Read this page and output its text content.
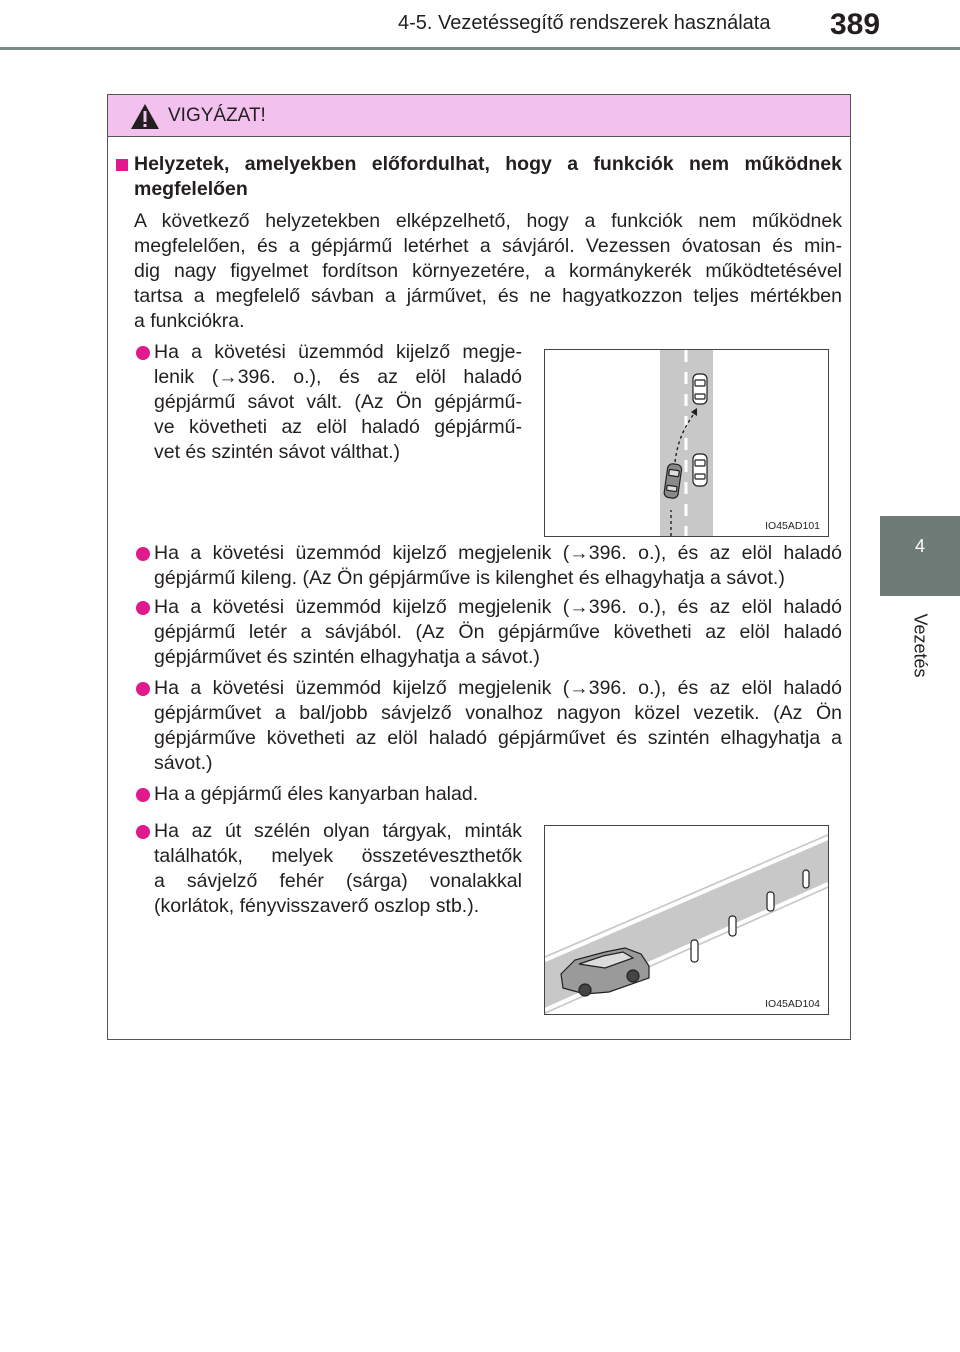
4-5. Vezetéssegítő rendszerek használata 389
4
Vezetés
VIGYÁZAT!
Helyzetek, amelyekben előfordulhat, hogy a funkciók nem működnek
megfelelően
A következő helyzetekben elképzelhető, hogy a funkciók nem működnek
megfelelően, és a gépjármű letérhet a sávjáról. Vezessen óvatosan és min-
dig nagy figyelmet fordítson környezetére, a kormánykerék működtetésével
tartsa a megfelelő sávban a járművet, és ne hagyatkozzon teljes mértékben
a funkciókra.
Ha a követési üzemmód kijelző megje-
lenik (→396. o.), és az elöl haladó
gépjármű sávot vált. (Az Ön gépjármű-
ve követheti az elöl haladó gépjármű-
vet és szintén sávot válthat.)
IO45AD101
Ha a követési üzemmód kijelző megjelenik (→396. o.), és az elöl haladó
gépjármű kileng. (Az Ön gépjárműve is kilenghet és elhagyhatja a sávot.)
Ha a követési üzemmód kijelző megjelenik (→396. o.), és az elöl haladó
gépjármű letér a sávjából. (Az Ön gépjárműve követheti az elöl haladó
gépjárművet és szintén elhagyhatja a sávot.)
Ha a követési üzemmód kijelző megjelenik (→396. o.), és az elöl haladó
gépjárművet a bal/jobb sávjelző vonalhoz nagyon közel vezetik. (Az Ön
gépjárműve követheti az elöl haladó gépjárművet és szintén elhagyhatja a
sávot.)
Ha a gépjármű éles kanyarban halad.
Ha az út szélén olyan tárgyak, minták
találhatók, melyek összetéveszthetők
a sávjelző fehér (sárga) vonalakkal
(korlátok, fényvisszaverő oszlop stb.).
IO45AD104
